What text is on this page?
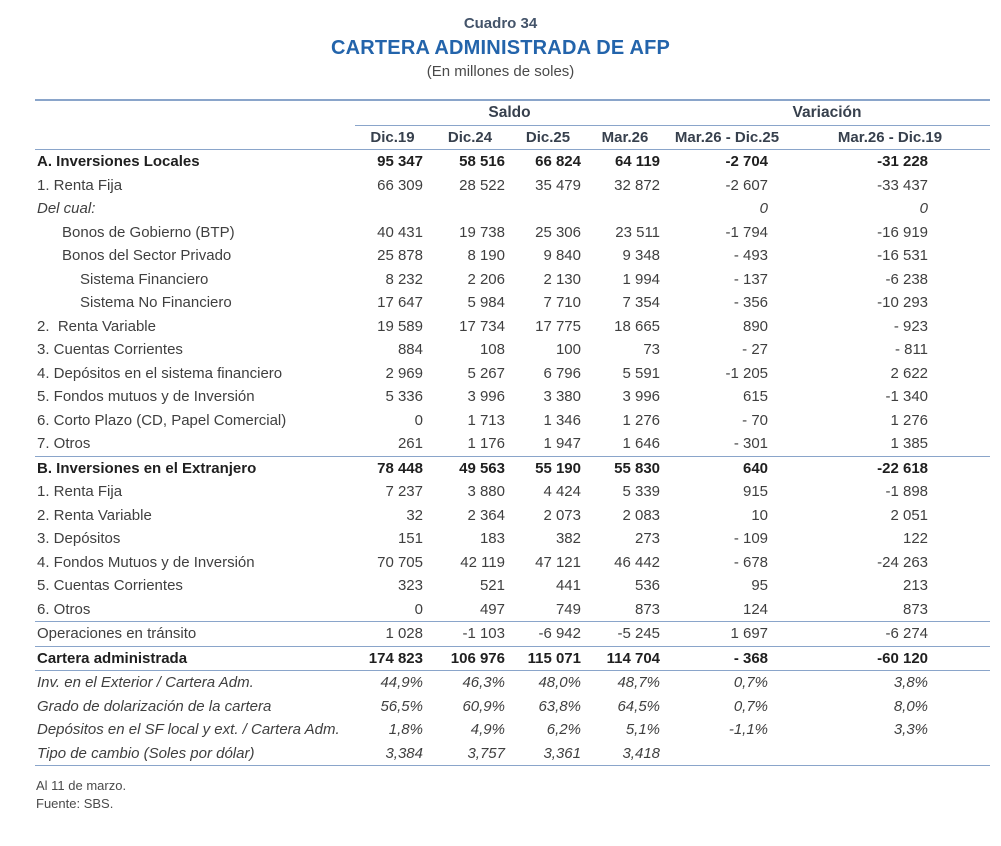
Cuadro 34
CARTERA ADMINISTRADA DE AFP
(En millones de soles)
	Saldo				Variación	
	Dic.19	Dic.24	Dic.25	Mar.26	Mar.26 - Dic.25	Mar.26 - Dic.19
A. Inversiones Locales	95 347	58 516	66 824	64 119	-2 704	-31 228
1. Renta Fija	66 309	28 522	35 479	32 872	-2 607	-33 437
Del cual:					0	0
Bonos de Gobierno (BTP)	40 431	19 738	25 306	23 511	-1 794	-16 919
Bonos del Sector Privado	25 878	8 190	9 840	9 348	- 493	-16 531
Sistema Financiero	8 232	2 206	2 130	1 994	- 137	-6 238
Sistema No Financiero	17 647	5 984	7 710	7 354	- 356	-10 293
2.  Renta Variable	19 589	17 734	17 775	18 665	890	- 923
3. Cuentas Corrientes	884	108	100	73	- 27	- 811
4. Depósitos en el sistema financiero	2 969	5 267	6 796	5 591	-1 205	2 622
5. Fondos mutuos y de Inversión	5 336	3 996	3 380	3 996	615	-1 340
6. Corto Plazo (CD, Papel Comercial)	0	1 713	1 346	1 276	- 70	1 276
7. Otros	261	1 176	1 947	1 646	- 301	1 385
B. Inversiones en el Extranjero	78 448	49 563	55 190	55 830	640	-22 618
1. Renta Fija	7 237	3 880	4 424	5 339	915	-1 898
2. Renta Variable	32	2 364	2 073	2 083	10	2 051
3. Depósitos	151	183	382	273	- 109	122
4. Fondos Mutuos y de Inversión	70 705	42 119	47 121	46 442	- 678	-24 263
5. Cuentas Corrientes	323	521	441	536	95	213
6. Otros	0	497	749	873	124	873
Operaciones en tránsito	1 028	-1 103	-6 942	-5 245	1 697	-6 274
Cartera administrada	174 823	106 976	115 071	114 704	- 368	-60 120
Inv. en el Exterior / Cartera Adm.	44,9%	46,3%	48,0%	48,7%	0,7%	3,8%
Grado de dolarización de la cartera	56,5%	60,9%	63,8%	64,5%	0,7%	8,0%
Depósitos en el SF local y ext. / Cartera Adm.	1,8%	4,9%	6,2%	5,1%	-1,1%	3,3%
Tipo de cambio (Soles por dólar)	3,384	3,757	3,361	3,418		
Al 11 de marzo.
Fuente: SBS.
